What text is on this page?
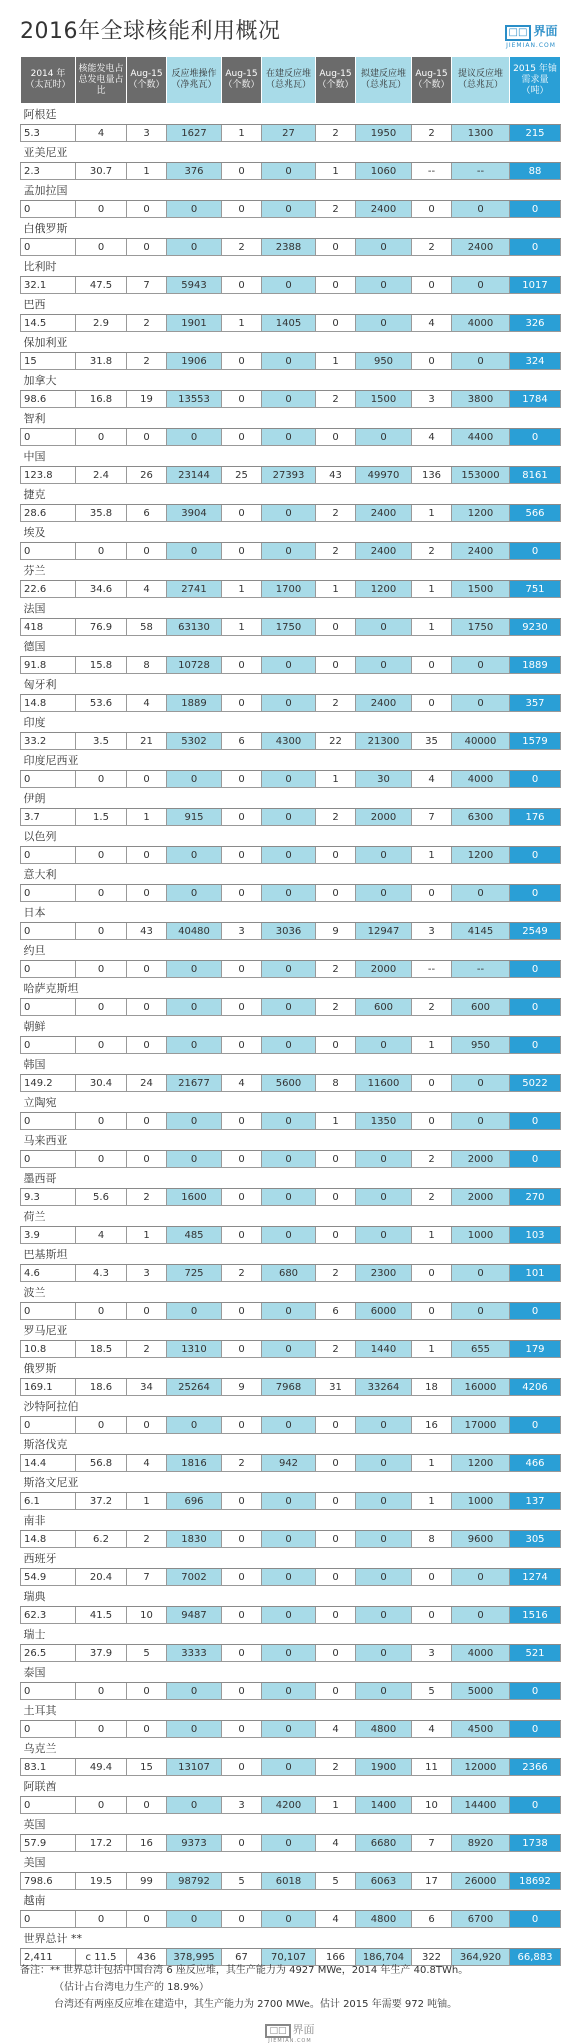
2016年全球核能利用概况	□□ 界面
JIEMIAN.COM
2014 年（太瓦时）	核能发电占总发电量占比	Aug-15（个数）	反应堆操作（净兆瓦）	Aug-15（个数）	在建反应堆（总兆瓦）	Aug-15（个数）	拟建反应堆（总兆瓦）	Aug-15（个数）	提议反应堆（总兆瓦）	2015 年铀需求量（吨）
阿根廷										
5.3	4	3	1627	1	27	2	1950	2	1300	215
亚美尼亚										
2.3	30.7	1	376	0	0	1	1060	--	--	88
孟加拉国										
0	0	0	0	0	0	2	2400	0	0	0
白俄罗斯										
0	0	0	0	2	2388	0	0	2	2400	0
比利时										
32.1	47.5	7	5943	0	0	0	0	0	0	1017
巴西										
14.5	2.9	2	1901	1	1405	0	0	4	4000	326
保加利亚										
15	31.8	2	1906	0	0	1	950	0	0	324
加拿大										
98.6	16.8	19	13553	0	0	2	1500	3	3800	1784
智利										
0	0	0	0	0	0	0	0	4	4400	0
中国										
123.8	2.4	26	23144	25	27393	43	49970	136	153000	8161
捷克										
28.6	35.8	6	3904	0	0	2	2400	1	1200	566
埃及										
0	0	0	0	0	0	2	2400	2	2400	0
芬兰										
22.6	34.6	4	2741	1	1700	1	1200	1	1500	751
法国										
418	76.9	58	63130	1	1750	0	0	1	1750	9230
德国										
91.8	15.8	8	10728	0	0	0	0	0	0	1889
匈牙利										
14.8	53.6	4	1889	0	0	2	2400	0	0	357
印度										
33.2	3.5	21	5302	6	4300	22	21300	35	40000	1579
印度尼西亚										
0	0	0	0	0	0	1	30	4	4000	0
伊朗										
3.7	1.5	1	915	0	0	2	2000	7	6300	176
以色列										
0	0	0	0	0	0	0	0	1	1200	0
意大利										
0	0	0	0	0	0	0	0	0	0	0
日本										
0	0	43	40480	3	3036	9	12947	3	4145	2549
约旦										
0	0	0	0	0	0	2	2000	--	--	0
哈萨克斯坦										
0	0	0	0	0	0	2	600	2	600	0
朝鲜										
0	0	0	0	0	0	0	0	1	950	0
韩国										
149.2	30.4	24	21677	4	5600	8	11600	0	0	5022
立陶宛										
0	0	0	0	0	0	1	1350	0	0	0
马来西亚										
0	0	0	0	0	0	0	0	2	2000	0
墨西哥										
9.3	5.6	2	1600	0	0	0	0	2	2000	270
荷兰										
3.9	4	1	485	0	0	0	0	1	1000	103
巴基斯坦										
4.6	4.3	3	725	2	680	2	2300	0	0	101
波兰										
0	0	0	0	0	0	6	6000	0	0	0
罗马尼亚										
10.8	18.5	2	1310	0	0	2	1440	1	655	179
俄罗斯										
169.1	18.6	34	25264	9	7968	31	33264	18	16000	4206
沙特阿拉伯										
0	0	0	0	0	0	0	0	16	17000	0
斯洛伐克										
14.4	56.8	4	1816	2	942	0	0	1	1200	466
斯洛文尼亚										
6.1	37.2	1	696	0	0	0	0	1	1000	137
南非										
14.8	6.2	2	1830	0	0	0	0	8	9600	305
西班牙										
54.9	20.4	7	7002	0	0	0	0	0	0	1274
瑞典										
62.3	41.5	10	9487	0	0	0	0	0	0	1516
瑞士										
26.5	37.9	5	3333	0	0	0	0	3	4000	521
泰国										
0	0	0	0	0	0	0	0	5	5000	0
土耳其										
0	0	0	0	0	0	4	4800	4	4500	0
乌克兰										
83.1	49.4	15	13107	0	0	2	1900	11	12000	2366
阿联酋										
0	0	0	0	3	4200	1	1400	10	14400	0
英国										
57.9	17.2	16	9373	0	0	4	6680	7	8920	1738
美国										
798.6	19.5	99	98792	5	6018	5	6063	17	26000	18692
越南										
0	0	0	0	0	0	4	4800	6	6700	0
世界总计 **										
2,411	c 11.5	436	378,995	67	70,107	166	186,704	322	364,920	66,883
备注：** 世界总计包括中国台湾 6 座反应堆，其生产能力为 4927 MWe，2014 年生产 40.8TWh。
（估计占台湾电力生产的 18.9%）
台湾还有两座反应堆在建造中，其生产能力为 2700 MWe。估计 2015 年需要 972 吨铀。
□□ 界面
JIEMIAN.COM
